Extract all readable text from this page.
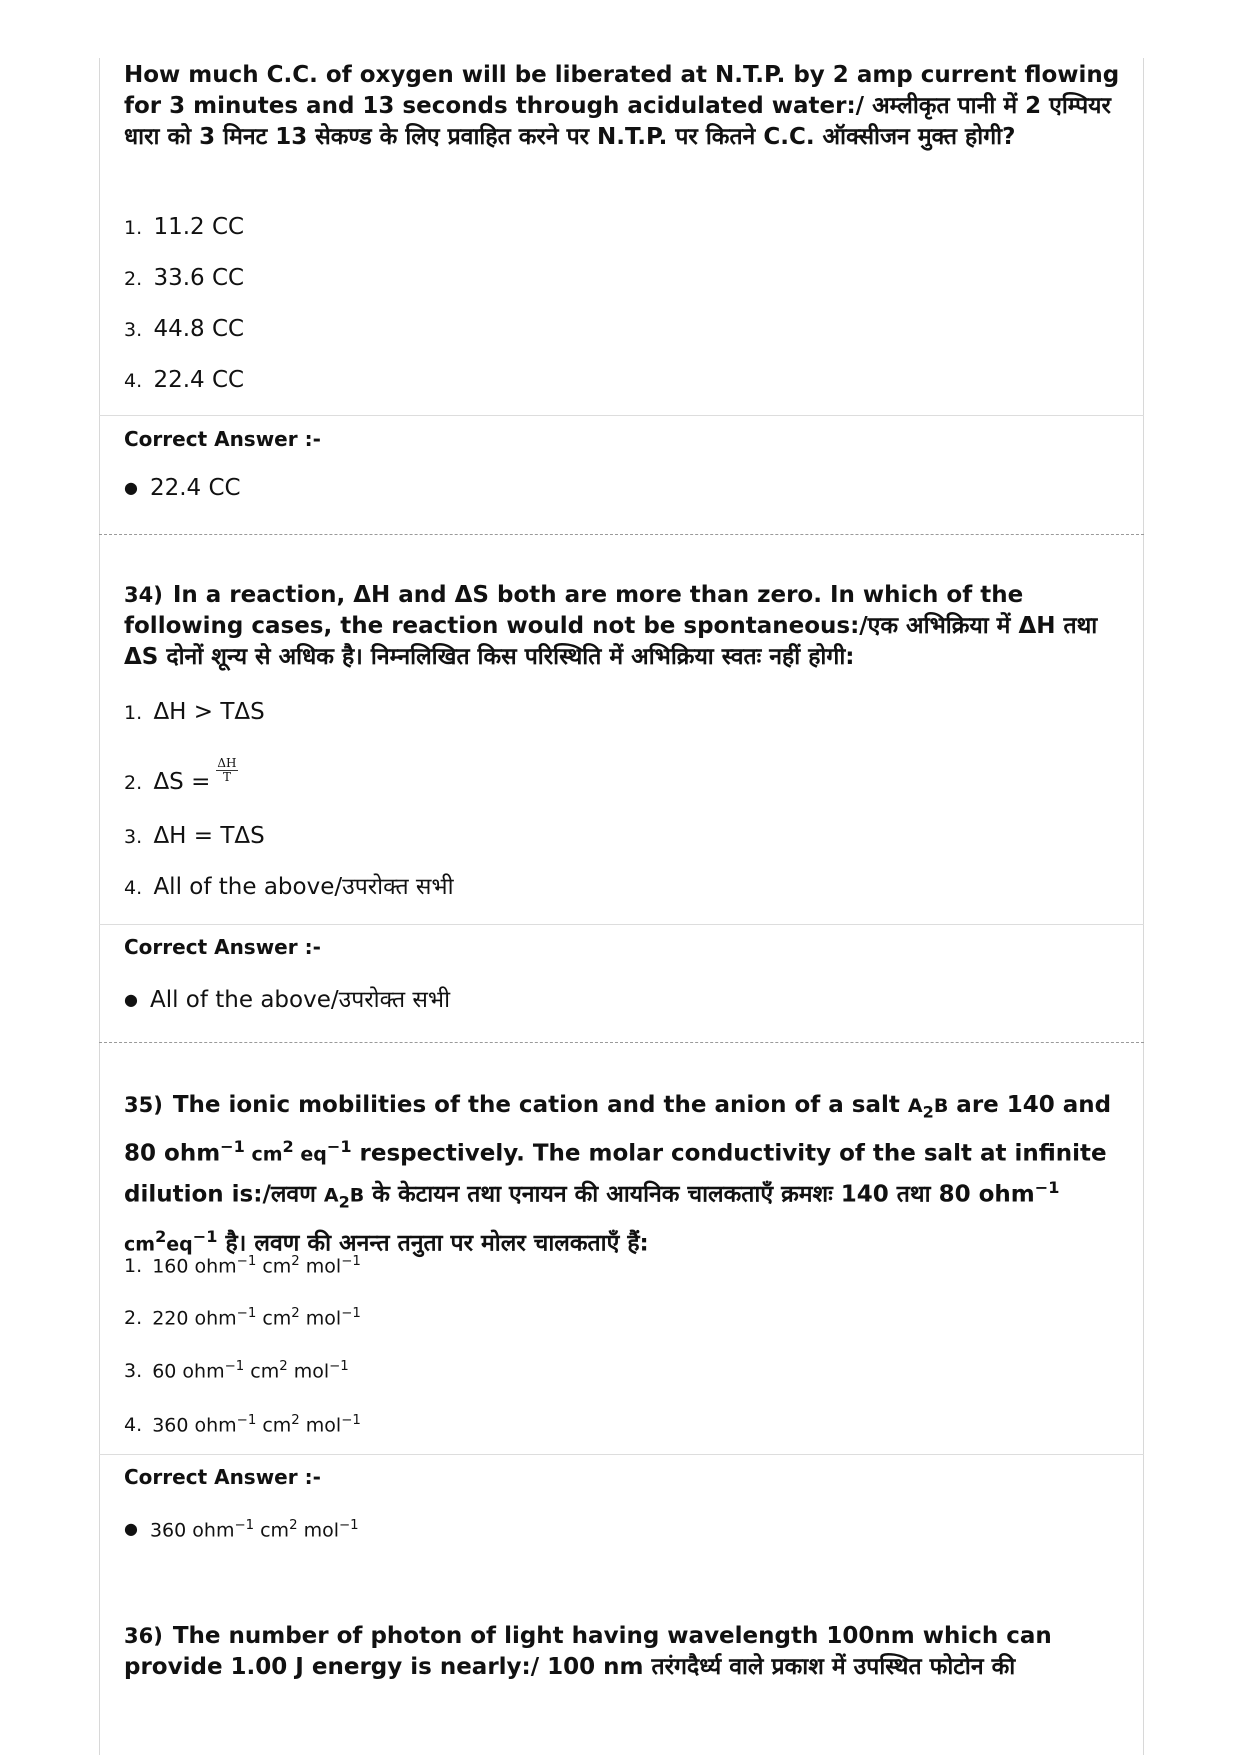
How much C.C. of oxygen will be liberated at N.T.P. by 2 amp current flowing for 3 minutes and 13 seconds through acidulated water:/ अम्लीकृत पानी में 2 एम्पियर धारा को 3 मिनट 13 सेकण्ड के लिए प्रवाहित करने पर N.T.P. पर कितने C.C. ऑक्सीजन मुक्त होगी?
1. 11.2 CC
2. 33.6 CC
3. 44.8 CC
4. 22.4 CC
Correct Answer :-
● 22.4 CC
34) In a reaction, ΔH and ΔS both are more than zero. In which of the following cases, the reaction would not be spontaneous:/एक अभिक्रिया में ΔH तथा ΔS दोनों शून्य से अधिक है। निम्नलिखित किस परिस्थिति में अभिक्रिया स्वतः नहीं होगी:
1. ΔH > TΔS
2. $\Delta S = \frac{\Delta H}{T}$
3. ΔH = TΔS
4. All of the above/उपरोक्त सभी
Correct Answer :-
● All of the above/उपरोक्त सभी
35) The ionic mobilities of the cation and the anion of a salt $A_2B$ are 140 and 80 ohm$^{-1}$ $cm^2$ $eq^{-1}$ respectively. The molar conductivity of the salt at infinite dilution is:/लवण $A_2B$ के केटायन तथा एनायन की आयनिक चालकताएँ क्रमशः 140 तथा 80 ohm$^{-1}$ $cm^2eq^{-1}$ है। लवण की अनन्त तनुता पर मोलर चालकताएँ हैं:
1. 160 ohm$^{-1}$ $cm^2$ mol$^{-1}$
2. 220 ohm$^{-1}$ $cm^2$ mol$^{-1}$
3. 60 ohm$^{-1}$ $cm^2$ mol$^{-1}$
4. 360 ohm$^{-1}$ $cm^2$ mol$^{-1}$
Correct Answer :-
● 360 ohm$^{-1}$ $cm^2$ mol$^{-1}$
36) The number of photon of light having wavelength 100nm which can provide 1.00 J energy is nearly:/ 100 nm तरंगदैर्ध्य वाले प्रकाश में उपस्थित फोटोन की
